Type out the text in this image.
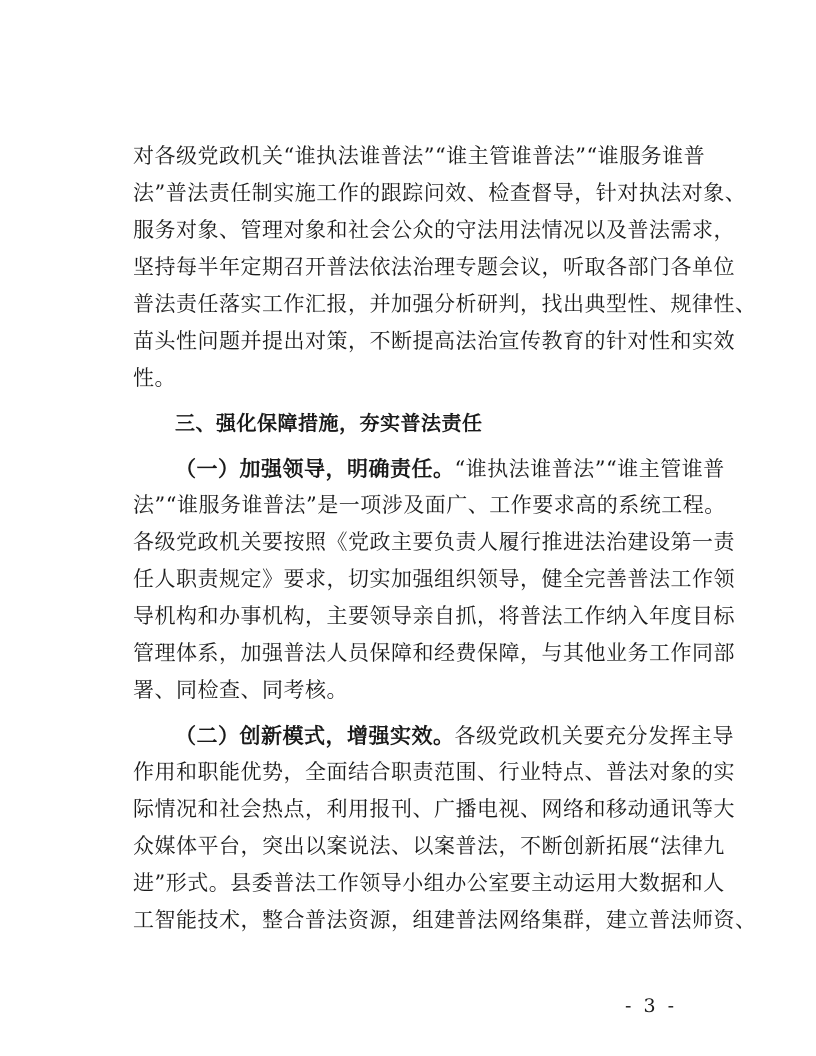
对各级党政机关“谁执法谁普法”“谁主管谁普法”“谁服务谁普
法”普法责任制实施工作的跟踪问效、检查督导，针对执法对象、
服务对象、管理对象和社会公众的守法用法情况以及普法需求，
坚持每半年定期召开普法依法治理专题会议，听取各部门各单位
普法责任落实工作汇报，并加强分析研判，找出典型性、规律性、
苗头性问题并提出对策，不断提高法治宣传教育的针对性和实效
性。
三、强化保障措施，夯实普法责任
（一）加强领导，明确责任。“谁执法谁普法”“谁主管谁普
法”“谁服务谁普法”是一项涉及面广、工作要求高的系统工程。
各级党政机关要按照《党政主要负责人履行推进法治建设第一责
任人职责规定》要求，切实加强组织领导，健全完善普法工作领
导机构和办事机构，主要领导亲自抓，将普法工作纳入年度目标
管理体系，加强普法人员保障和经费保障，与其他业务工作同部
署、同检查、同考核。
（二）创新模式，增强实效。各级党政机关要充分发挥主导
作用和职能优势，全面结合职责范围、行业特点、普法对象的实
际情况和社会热点，利用报刊、广播电视、网络和移动通讯等大
众媒体平台，突出以案说法、以案普法，不断创新拓展“法律九
进”形式。县委普法工作领导小组办公室要主动运用大数据和人
工智能技术，整合普法资源，组建普法网络集群，建立普法师资、
- 3 -
